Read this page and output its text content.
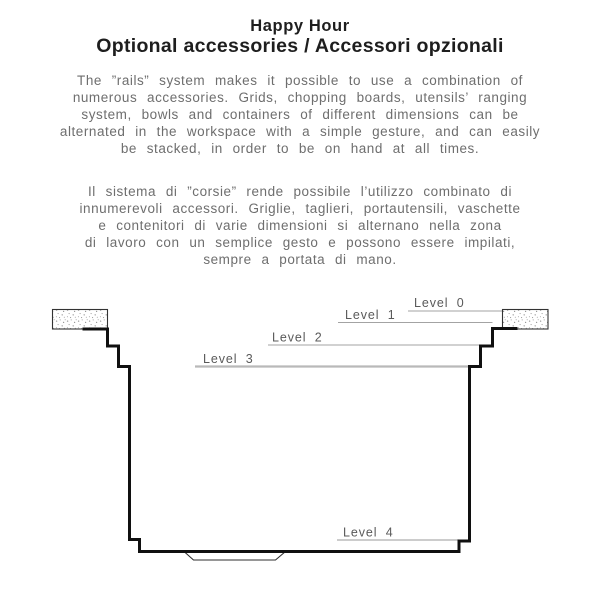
Happy Hour
Optional accessories / Accessori opzionali
The ”rails” system makes it possible to use a combination of
numerous accessories. Grids, chopping boards, utensils’ ranging
system, bowls and containers of different dimensions can be
alternated in the workspace with a simple gesture, and can easily
be stacked, in order to be on hand at all times.
Il sistema di ”corsie” rende possibile l’utilizzo combinato di
innumerevoli accessori. Griglie, taglieri, portautensili, vaschette
e contenitori di varie dimensioni si alternano nella zona
di lavoro con un semplice gesto e possono essere impilati,
sempre a portata di mano.
Level 0
Level 1
Level 2
Level 3
Level 4
